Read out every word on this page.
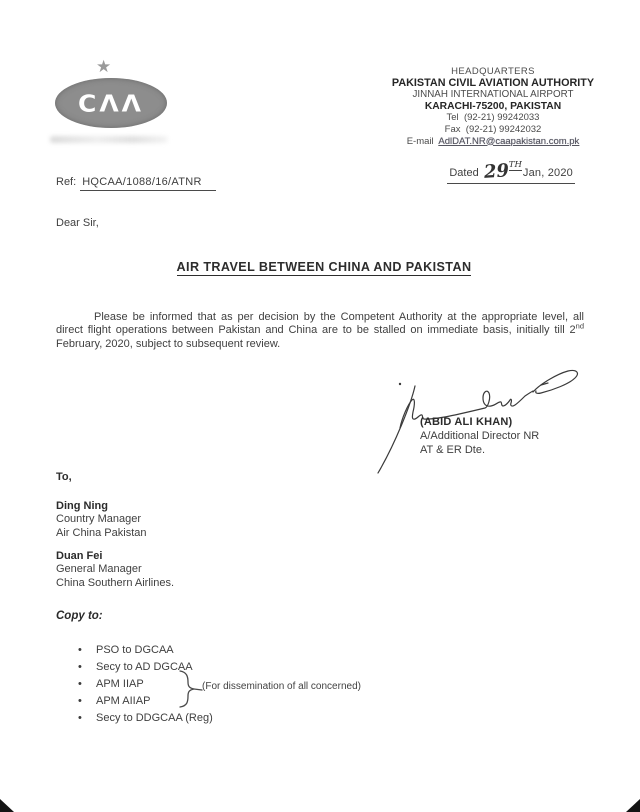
★
ϹΛΛ
HEADQUARTERS
PAKISTAN CIVIL AVIATION AUTHORITY
JINNAH INTERNATIONAL AIRPORT
KARACHI-75200, PAKISTAN
Tel (92-21) 99242033
Fax (92-21) 99242032
E-mail AdlDAT.NR@caapakistan.com.pk
Ref: HQCAA/1088/16/ATNR
Dated 29 TH
Jan, 2020
Dear Sir,
AIR TRAVEL BETWEEN CHINA AND PAKISTAN

Please be informed that as per decision by the Competent Authority at the appropriate level, all direct flight operations between Pakistan and China are to be stalled on immediate basis, initially till 2nd February, 2020, subject to subsequent review.

(ABID ALI KHAN)
A/Additional Director NR
AT & ER Dte.
To,
Ding Ning
Country Manager
Air China Pakistan
Duan Fei
General Manager
China Southern Airlines.
Copy to:
•	PSO to DGCAA
•	Secy to AD DGCAA
•	APM IIAP
•	APM AIIAP
•	Secy to DDGCAA (Reg)
(For dissemination of all concerned)
